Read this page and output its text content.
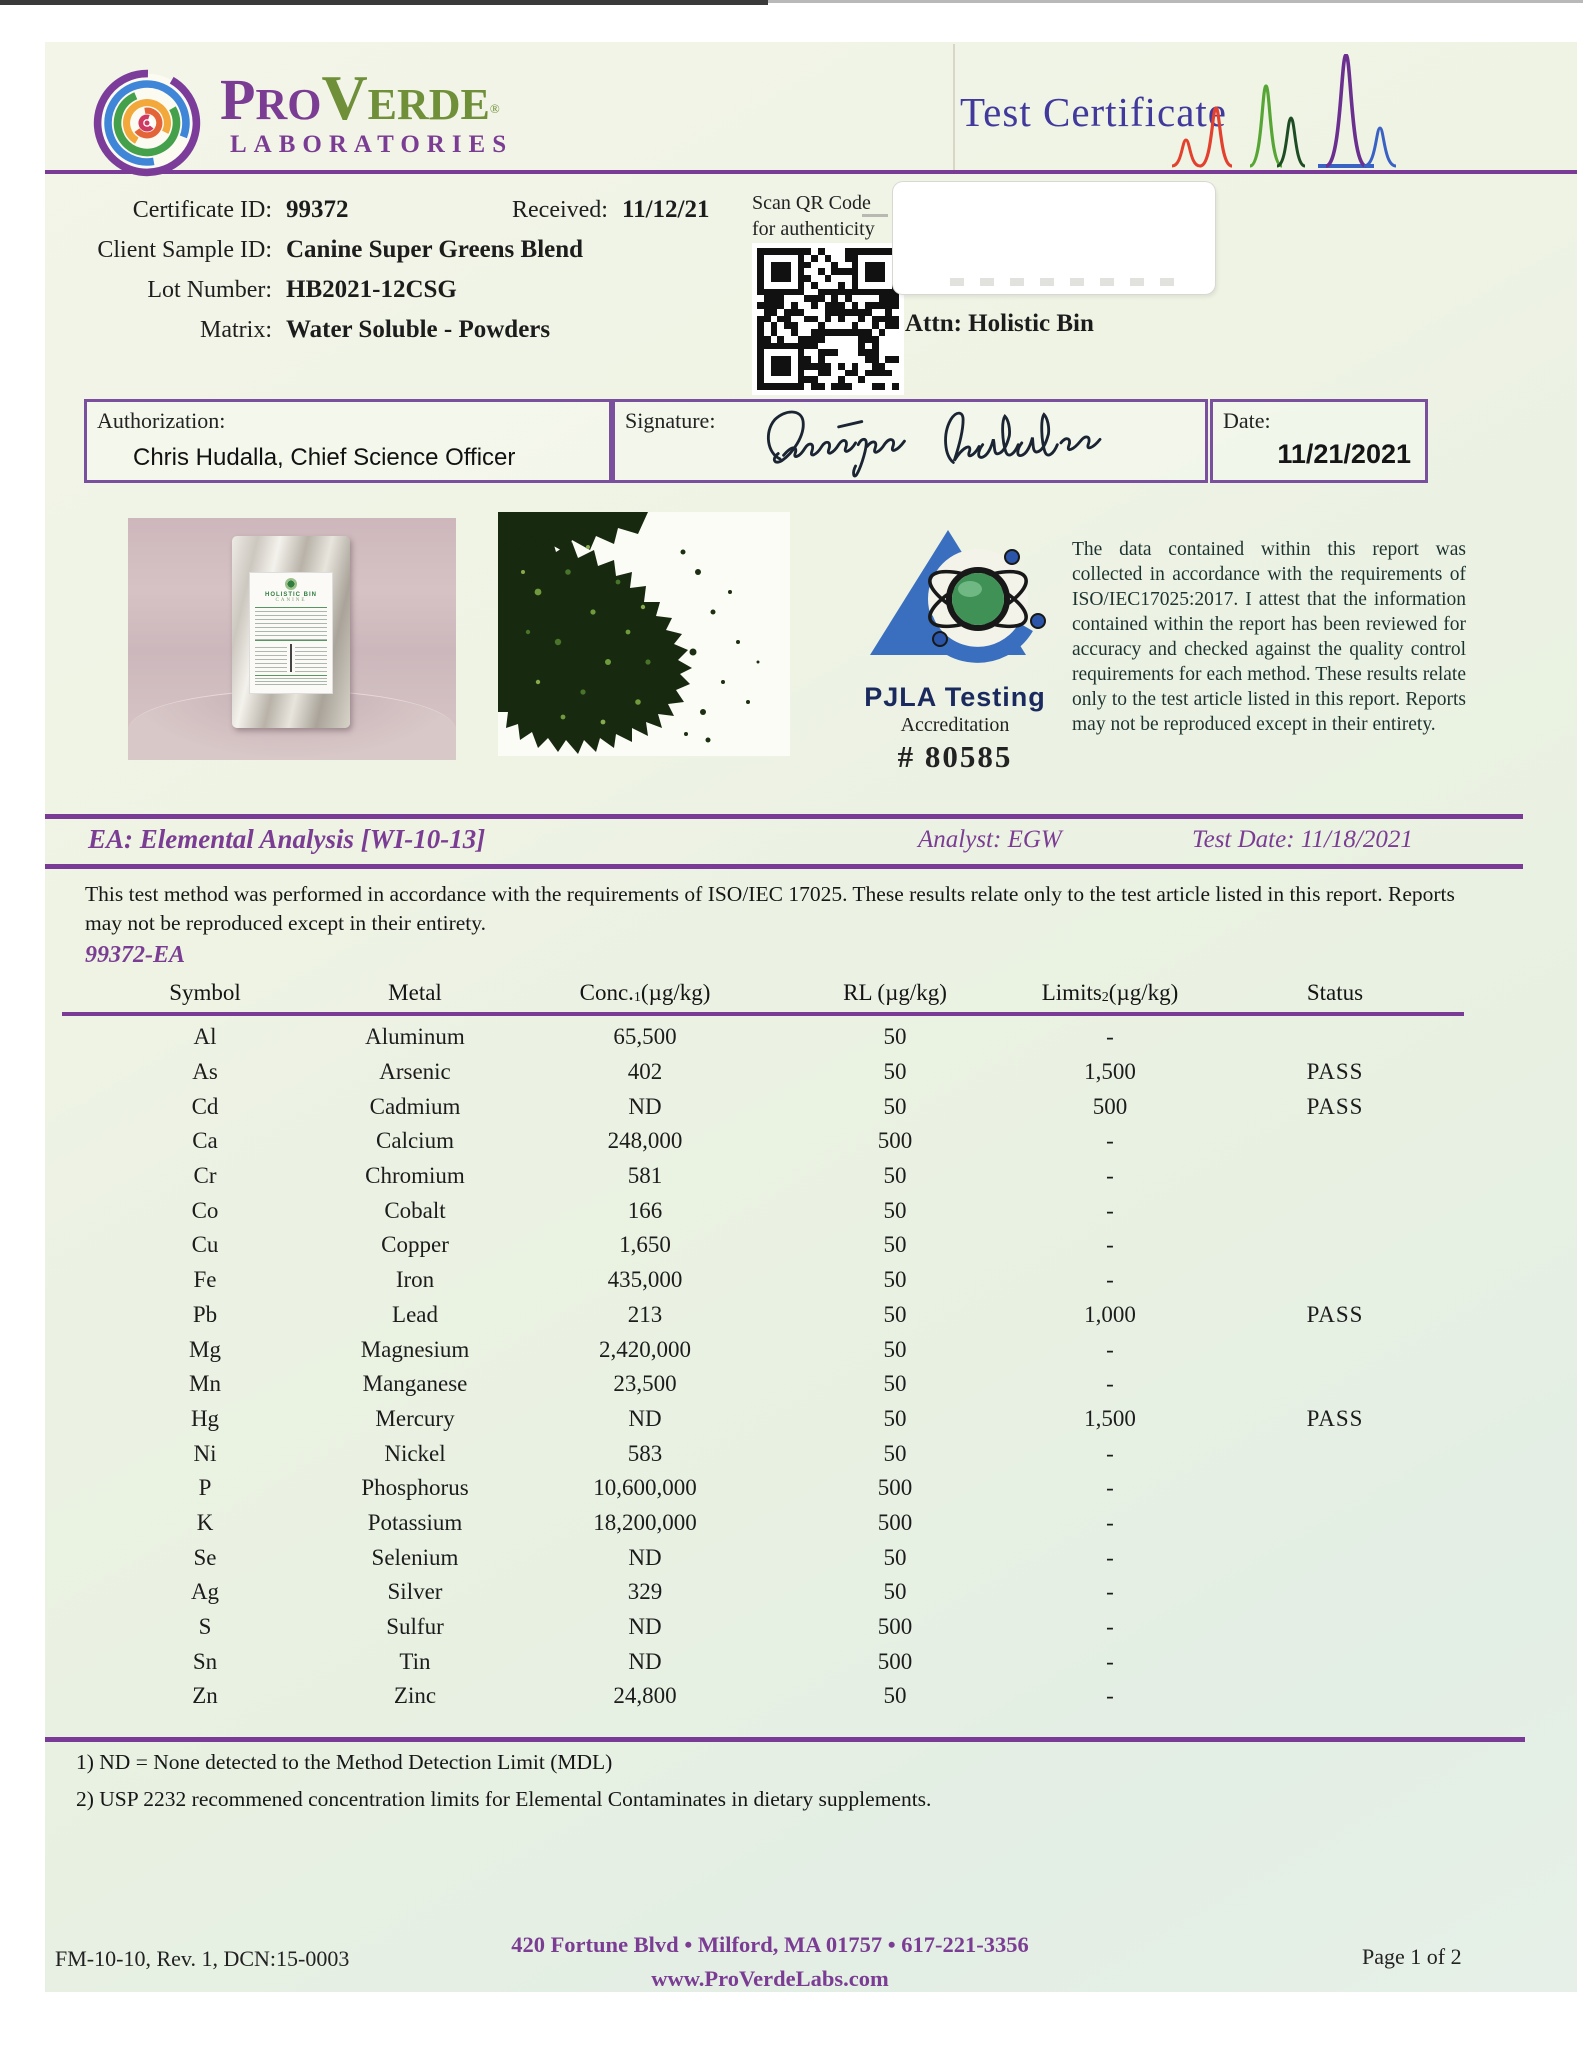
PROVERDE®
LABORATORIES
Test Certificate
Certificate ID: 99372	Received: 11/12/21
Client Sample ID: Canine Super Greens Blend
Lot Number: HB2021-12CSG
Matrix: Water Soluble - Powders
Scan QR Code
for authenticity
Attn: Holistic Bin
Authorization:
Chris Hudalla, Chief Science Officer
Signature:	Date:
11/21/2021
HOLISTIC BIN
CANINE
PJLA Testing
Accreditation
# 80585
The data contained within this report was collected in accordance with the requirements of ISO/IEC17025:2017. I attest that the information contained within the report has been reviewed for accuracy and checked against the quality control requirements for each method. These results relate only to the test article listed in this report. Reports may not be reproduced except in their entirety.
EA: Elemental Analysis [WI-10-13]	Analyst: EGW	Test Date: 11/18/2021
This test method was performed in accordance with the requirements of ISO/IEC 17025. These results relate only to the test article listed in this report. Reports may not be reproduced except in their entirety.
99372-EA
Symbol	Metal	$Conc._1$ (µg/kg)	RL (µg/kg)	Limits$_2$ (µg/kg)	Status
Al	Aluminum	65,500	50	-
As	Arsenic	402	50	1,500	PASS
Cd	Cadmium	ND	50	500	PASS
Ca	Calcium	248,000	500	-
Cr	Chromium	581	50	-
Co	Cobalt	166	50	-
Cu	Copper	1,650	50	-
Fe	Iron	435,000	50	-
Pb	Lead	213	50	1,000	PASS
Mg	Magnesium	2,420,000	50	-
Mn	Manganese	23,500	50	-
Hg	Mercury	ND	50	1,500	PASS
Ni	Nickel	583	50	-
P	Phosphorus	10,600,000	500	-
K	Potassium	18,200,000	500	-
Se	Selenium	ND	50	-
Ag	Silver	329	50	-
S	Sulfur	ND	500	-
Sn	Tin	ND	500	-
Zn	Zinc	24,800	50	-
1) ND = None detected to the Method Detection Limit (MDL)
2) USP 2232 recommened concentration limits for Elemental Contaminates in dietary supplements.
420 Fortune Blvd • Milford, MA 01757 • 617-221-3356
www.ProVerdeLabs.com
FM-10-10, Rev. 1, DCN:15-0003	Page 1 of 2
